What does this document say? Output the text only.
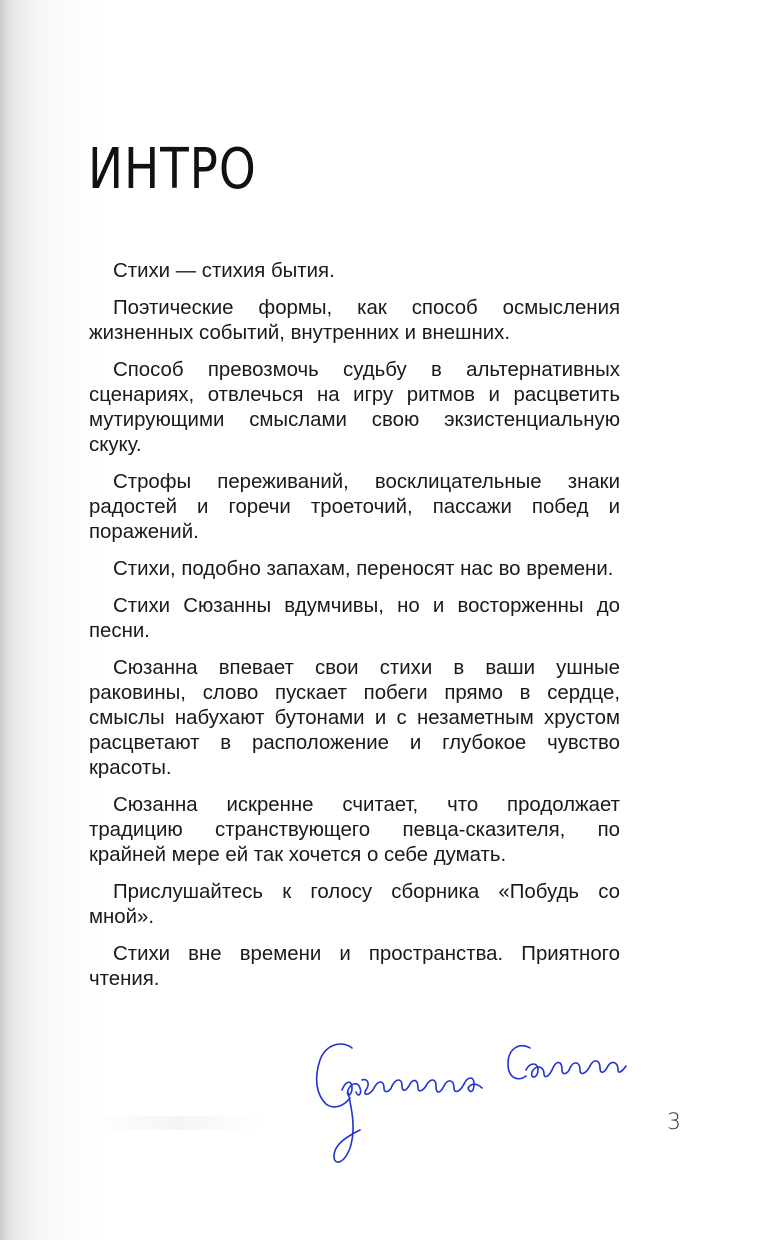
ИНТРО

Стихи — стихия бытия.

Поэтические формы, как способ осмысления жизненных событий, внутренних и внешних.

Способ превозмочь судьбу в альтернативных сценариях, отвлечься на игру ритмов и расцветить мутирующими смыслами свою экзистенциальную скуку.

Строфы переживаний, восклицательные знаки радостей и горечи троеточий, пассажи побед и поражений.

Стихи, подобно запахам, переносят нас во времени.

Стихи Сюзанны вдумчивы, но и восторженны до песни.

Сюзанна впевает свои стихи в ваши ушные раковины, слово пускает побеги прямо в сердце, смыслы набухают бутонами и с незаметным хрустом расцветают в расположение и глубокое чувство красоты.

Сюзанна искренне считает, что продолжает традицию странствующего певца-сказителя, по крайней мере ей так хочется о себе думать.

Прислушайтесь к голосу сборника «Побудь со мной».

Стихи вне времени и пространства. Приятного чтения.

3
